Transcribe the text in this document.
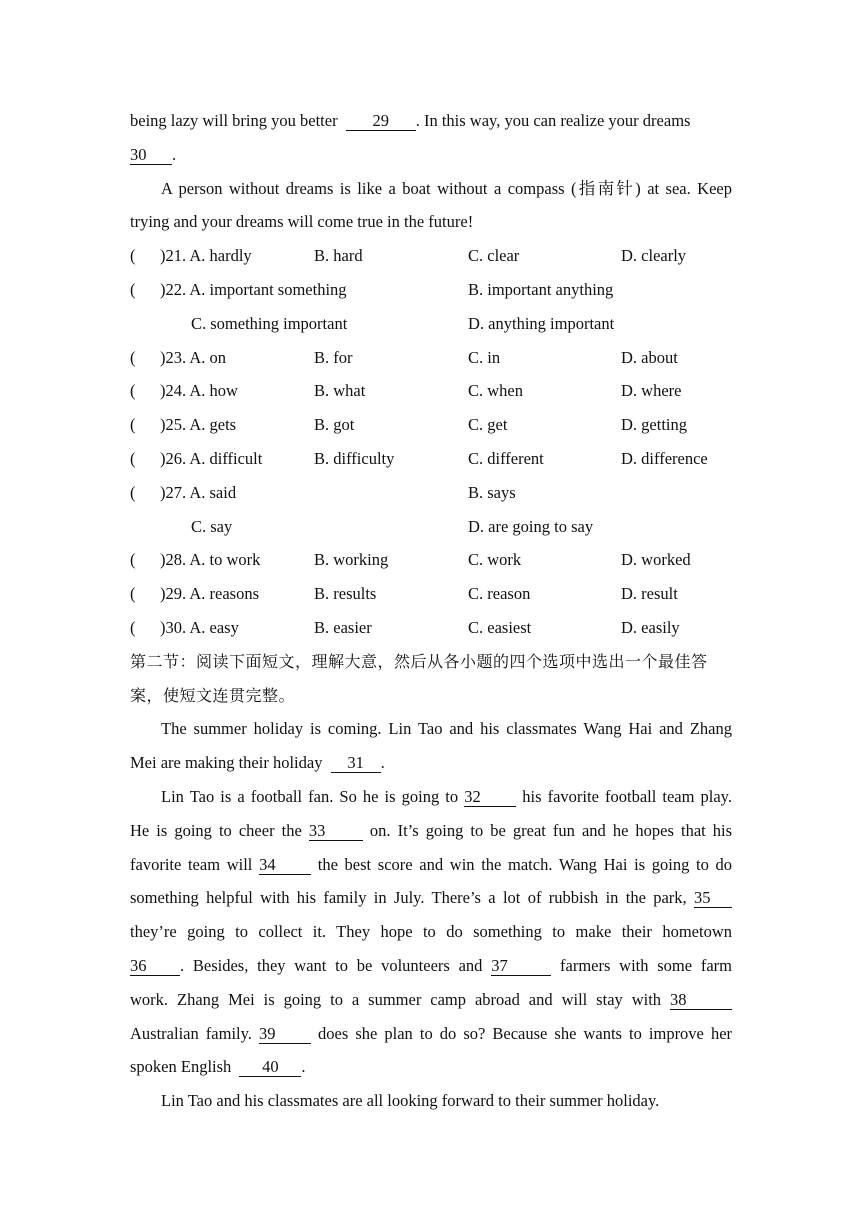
being lazy will bring you better 29 . In this way, you can realize your dreams
30 .
A person without dreams is like a boat without a compass (指南针) at sea. Keep
trying and your dreams will come true in the future!
( )21. A. hardly	B. hard	C. clear	D. clearly
( )22. A. important something	B. important anything
C. something important	D. anything important
( )23. A. on	B. for	C. in	D. about
( )24. A. how	B. what	C. when	D. where
( )25. A. gets	B. got	C. get	D. getting
( )26. A. difficult	B. difficulty	C. different	D. difference
( )27. A. said	B. says
C. say	D. are going to say
( )28. A. to work	B. working	C. work	D. worked
( )29. A. reasons	B. results	C. reason	D. result
( )30. A. easy	B. easier	C. easiest	D. easily
第二节：阅读下面短文，理解大意，然后从各小题的四个选项中选出一个最佳答
案，使短文连贯完整。
The summer holiday is coming. Lin Tao and his classmates Wang Hai and Zhang
Mei are making their holiday 31 .
Lin Tao is a football fan. So he is going to 32	his favorite football team play.
He is going to cheer the 33	on. It’s going to be great fun and he hopes that his
favorite team will 34	the best score and win the match. Wang Hai is going to do
something helpful with his family in July. There’s a lot of rubbish in the park, 35
they’re going to collect it. They hope to do something to make their hometown
36 . Besides, they want to be volunteers and 37	farmers with some farm
work. Zhang Mei is going to a summer camp abroad and will stay with 38
Australian family. 39	does she plan to do so? Because she wants to improve her
spoken English 40 .
Lin Tao and his classmates are all looking forward to their summer holiday.
